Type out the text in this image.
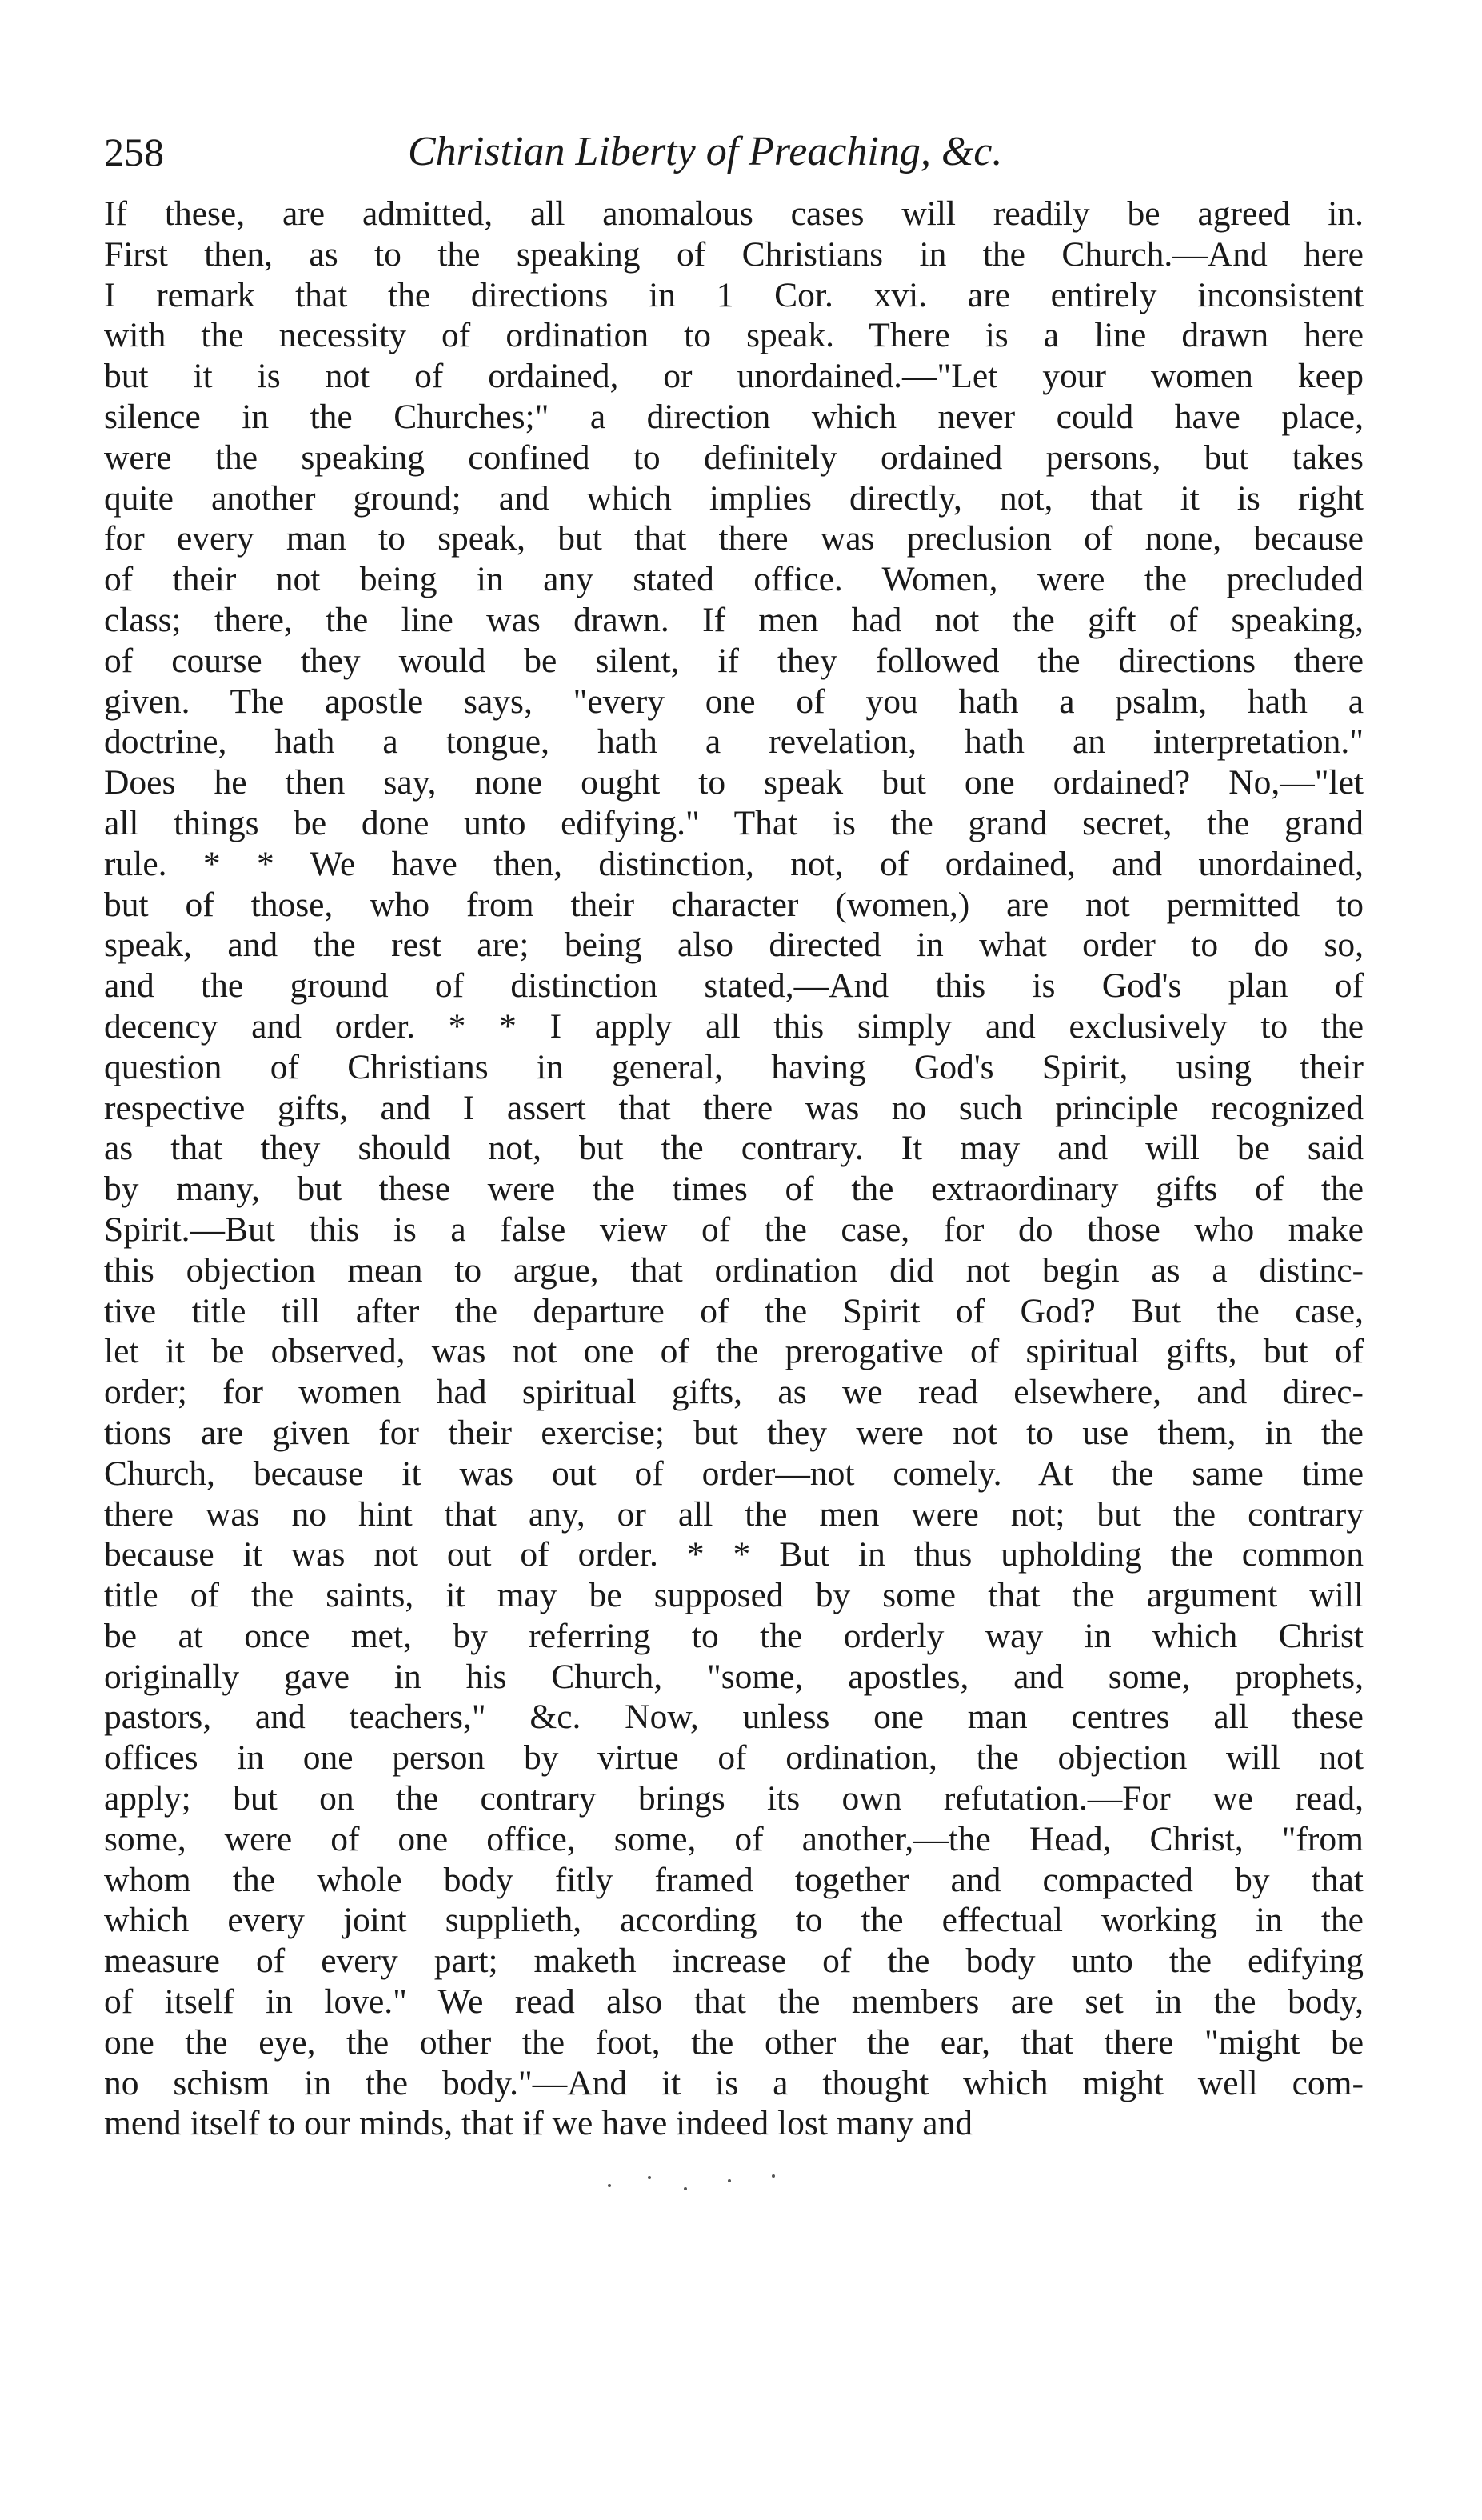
258	Christian Liberty of Preaching, &c.
If these, are admitted, all anomalous cases will readily be agreed in.
First then, as to the speaking of Christians in the Church.—And here
I remark that the directions in 1 Cor. xvi. are entirely inconsistent
with the necessity of ordination to speak. There is a line drawn here
but it is not of ordained, or unordained.—"Let your women keep
silence in the Churches;" a direction which never could have place,
were the speaking confined to definitely ordained persons, but takes
quite another ground; and which implies directly, not, that it is right
for every man to speak, but that there was preclusion of none, because
of their not being in any stated office. Women, were the precluded
class; there, the line was drawn. If men had not the gift of speaking,
of course they would be silent, if they followed the directions there
given. The apostle says, "every one of you hath a psalm, hath a
doctrine, hath a tongue, hath a revelation, hath an interpretation."
Does he then say, none ought to speak but one ordained? No,—"let
all things be done unto edifying." That is the grand secret, the grand
rule. * * We have then, distinction, not, of ordained, and unordained,
but of those, who from their character (women,) are not permitted to
speak, and the rest are; being also directed in what order to do so,
and the ground of distinction stated,—And this is God's plan of
decency and order. * * I apply all this simply and exclusively to the
question of Christians in general, having God's Spirit, using their
respective gifts, and I assert that there was no such principle recognized
as that they should not, but the contrary. It may and will be said
by many, but these were the times of the extraordinary gifts of the
Spirit.—But this is a false view of the case, for do those who make
this objection mean to argue, that ordination did not begin as a distinc-
tive title till after the departure of the Spirit of God? But the case,
let it be observed, was not one of the prerogative of spiritual gifts, but of
order; for women had spiritual gifts, as we read elsewhere, and direc-
tions are given for their exercise; but they were not to use them, in the
Church, because it was out of order—not comely. At the same time
there was no hint that any, or all the men were not; but the contrary
because it was not out of order. * * But in thus upholding the common
title of the saints, it may be supposed by some that the argument will
be at once met, by referring to the orderly way in which Christ
originally gave in his Church, "some, apostles, and some, prophets,
pastors, and teachers," &c. Now, unless one man centres all these
offices in one person by virtue of ordination, the objection will not
apply; but on the contrary brings its own refutation.—For we read,
some, were of one office, some, of another,—the Head, Christ, "from
whom the whole body fitly framed together and compacted by that
which every joint supplieth, according to the effectual working in the
measure of every part; maketh increase of the body unto the edifying
of itself in love." We read also that the members are set in the body,
one the eye, the other the foot, the other the ear, that there "might be
no schism in the body."—And it is a thought which might well com-
mend itself to our minds, that if we have indeed lost many and
